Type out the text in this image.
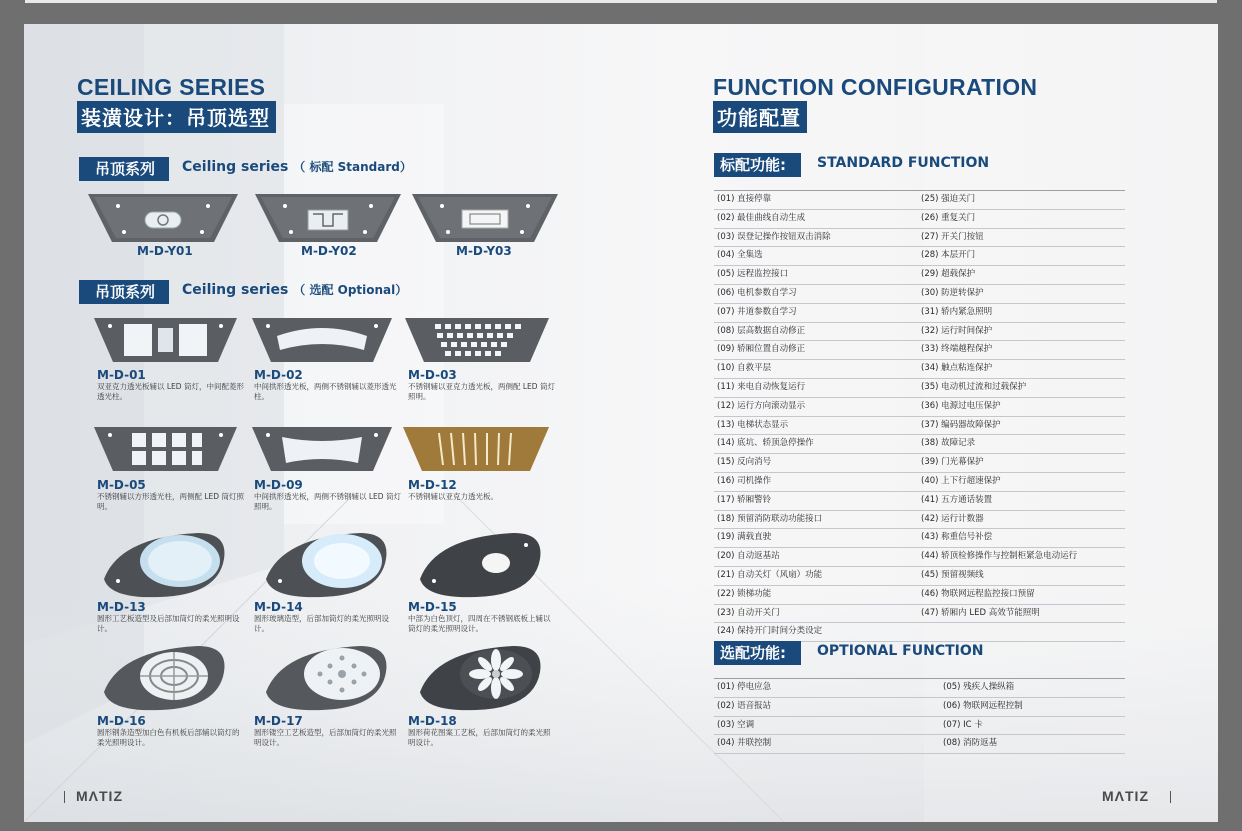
CEILING SERIES
装潢设计：吊顶选型
吊顶系列	Ceiling series （ 标配 Standard）
M-D-Y01	M-D-Y02	M-D-Y03
吊顶系列	Ceiling series （ 选配 Optional）
M-D-01
双亚克力透光板辅以 LED 筒灯，中间配菱形透光柱。
M-D-02
中间拱形透光板，两侧不锈钢辅以菱形透光柱。
M-D-03
不锈钢辅以亚克力透光板，两侧配 LED 筒灯照明。
M-D-05
不锈钢辅以方形透光柱，两侧配 LED 筒灯照明。
M-D-09
中间拱形透光板，两侧不锈钢辅以 LED 筒灯照明。
M-D-12
不锈钢辅以亚克力透光板。
M-D-13
圆形工艺板造型及后部加筒灯的柔光照明设计。
M-D-14
圆形玻璃造型，后部加筒灯的柔光照明设计。
M-D-15
中部为白色顶灯，四周在不锈钢底板上辅以筒灯的柔光照明设计。
M-D-16
圆形钢条造型加白色有机板后部辅以筒灯的柔光照明设计。
M-D-17
圆形镂空工艺板造型，后部加筒灯的柔光照明设计。
M-D-18
圆形荷花图案工艺板，后部加筒灯的柔光照明设计。
MΛTIZ
FUNCTION CONFIGURATION
功能配置
标配功能:	STANDARD FUNCTION
(01) 直接停靠	(25) 强迫关门
(02) 最佳曲线自动生成	(26) 重复关门
(03) 误登记操作按钮双击消除	(27) 开关门按钮
(04) 全集选	(28) 本层开门
(05) 远程监控接口	(29) 超载保护
(06) 电机参数自学习	(30) 防逆转保护
(07) 井道参数自学习	(31) 轿内紧急照明
(08) 层高数据自动修正	(32) 运行时间保护
(09) 轿厢位置自动修正	(33) 终端越程保护
(10) 自救平层	(34) 触点粘连保护
(11) 来电自动恢复运行	(35) 电动机过流和过载保护
(12) 运行方向滚动显示	(36) 电源过电压保护
(13) 电梯状态显示	(37) 编码器故障保护
(14) 底坑、轿顶急停操作	(38) 故障记录
(15) 反向消号	(39) 门光幕保护
(16) 司机操作	(40) 上下行超速保护
(17) 轿厢警铃	(41) 五方通话装置
(18) 预留消防联动功能接口	(42) 运行计数器
(19) 满载直驶	(43) 称重信号补偿
(20) 自动返基站	(44) 轿顶检修操作与控制柜紧急电动运行
(21) 自动关灯（风扇）功能	(45) 预留视频线
(22) 锁梯功能	(46) 物联网远程监控接口预留
(23) 自动开关门	(47) 轿厢内 LED 高效节能照明
(24) 保持开门时间分类设定
选配功能:	OPTIONAL FUNCTION
(01) 停电应急	(05) 残疾人操纵箱
(02) 语音报站	(06) 物联网远程控制
(03) 空调	(07) IC 卡
(04) 井联控制	(08) 消防返基
MΛTIZ
